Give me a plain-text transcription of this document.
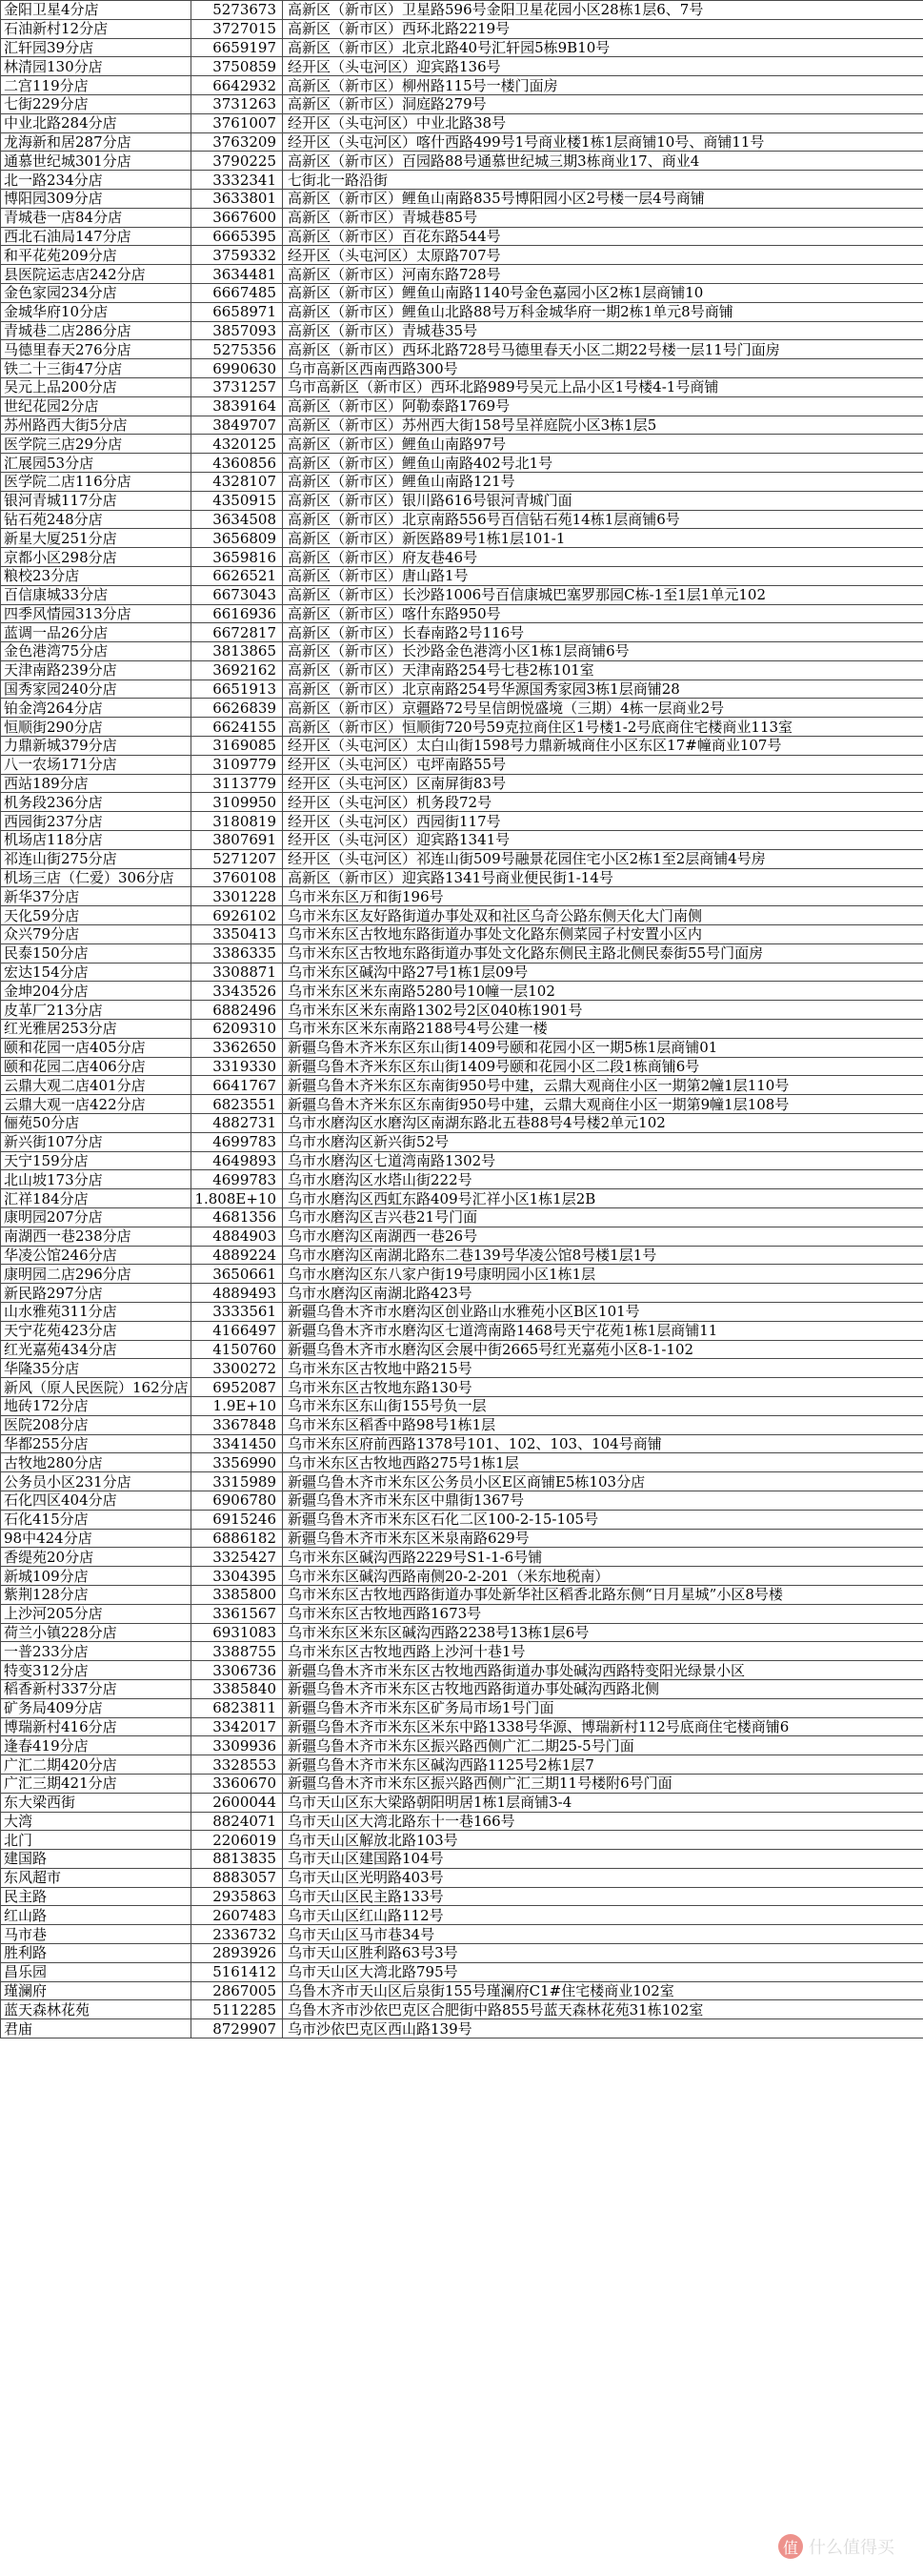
金阳卫星4分店	5273673	高新区（新市区）卫星路596号金阳卫星花园小区28栋1层6、7号
石油新村12分店	3727015	高新区（新市区）西环北路2219号
汇轩园39分店	6659197	高新区（新市区）北京北路40号汇轩园5栋9B10号
林清园130分店	3750859	经开区（头屯河区）迎宾路136号
二宫119分店	6642932	高新区（新市区）柳州路115号一楼门面房
七街229分店	3731263	高新区（新市区）洞庭路279号
中业北路284分店	3761007	经开区（头屯河区）中业北路38号
龙海新和居287分店	3763209	经开区（头屯河区）喀什西路499号1号商业楼1栋1层商铺10号、商铺11号
通慕世纪城301分店	3790225	高新区（新市区）百园路88号通慕世纪城三期3栋商业17、商业4
北一路234分店	3332341	七街北一路沿街
博阳园309分店	3633801	高新区（新市区）鲤鱼山南路835号博阳园小区2号楼一层4号商铺
青城巷一店84分店	3667600	高新区（新市区）青城巷85号
西北石油局147分店	6665395	高新区（新市区）百花东路544号
和平花苑209分店	3759332	经开区（头屯河区）太原路707号
县医院运志店242分店	3634481	高新区（新市区）河南东路728号
金色家园234分店	6667485	高新区（新市区）鲤鱼山南路1140号金色嘉园小区2栋1层商铺10
金城华府10分店	6658971	高新区（新市区）鲤鱼山北路88号万科金城华府一期2栋1单元8号商铺
青城巷二店286分店	3857093	高新区（新市区）青城巷35号
马德里春天276分店	5275356	高新区（新市区）西环北路728号马德里春天小区二期22号楼一层11号门面房
铁二十三街47分店	6990630	乌市高新区西南西路300号
吴元上品200分店	3731257	乌市高新区（新市区）西环北路989号吴元上品小区1号楼4-1号商铺
世纪花园2分店	3839164	高新区（新市区）阿勒泰路1769号
苏州路西大街5分店	3849707	高新区（新市区）苏州西大街158号呈祥庭院小区3栋1层5
医学院三店29分店	4320125	高新区（新市区）鲤鱼山南路97号
汇展园53分店	4360856	高新区（新市区）鲤鱼山南路402号北1号
医学院二店116分店	4328107	高新区（新市区）鲤鱼山南路121号
银河青城117分店	4350915	高新区（新市区）银川路616号银河青城门面
钻石苑248分店	3634508	高新区（新市区）北京南路556号百信钻石苑14栋1层商铺6号
新星大厦251分店	3656809	高新区（新市区）新医路89号1栋1层101-1
京都小区298分店	3659816	高新区（新市区）府友巷46号
粮校23分店	6626521	高新区（新市区）唐山路1号
百信康城33分店	6673043	高新区（新市区）长沙路1006号百信康城巴塞罗那园C栋-1至1层1单元102
四季风情园313分店	6616936	高新区（新市区）喀什东路950号
蓝调一品26分店	6672817	高新区（新市区）长春南路2号116号
金色港湾75分店	3813865	高新区（新市区）长沙路金色港湾小区1栋1层商铺6号
天津南路239分店	3692162	高新区（新市区）天津南路254号七巷2栋101室
国秀家园240分店	6651913	高新区（新市区）北京南路254号华源国秀家园3栋1层商铺28
铂金湾264分店	6626839	高新区（新市区）京疆路72号呈信朗悦盛境（三期）4栋一层商业2号
恒顺街290分店	6624155	高新区（新市区）恒顺街720号59克拉商住区1号楼1-2号底商住宅楼商业113室
力鼎新城379分店	3169085	经开区（头屯河区）太白山街1598号力鼎新城商住小区东区17#幢商业107号
八一农场171分店	3109779	经开区（头屯河区）屯坪南路55号
西站189分店	3113779	经开区（头屯河区）区南屏街83号
机务段236分店	3109950	经开区（头屯河区）机务段72号
西园街237分店	3180819	经开区（头屯河区）西园街117号
机场店118分店	3807691	经开区（头屯河区）迎宾路1341号
祁连山街275分店	5271207	经开区（头屯河区）祁连山街509号融景花园住宅小区2栋1至2层商铺4号房
机场三店（仁爱）306分店	3760108	高新区（新市区）迎宾路1341号商业便民街1-14号
新华37分店	3301228	乌市米东区万和街196号
天化59分店	6926102	乌市米东区友好路街道办事处双和社区乌奇公路东侧天化大门南侧
众兴79分店	3350413	乌市米东区古牧地东路街道办事处文化路东侧菜园子村安置小区内
民泰150分店	3386335	乌市米东区古牧地东路街道办事处文化路东侧民主路北侧民泰街55号门面房
宏达154分店	3308871	乌市米东区碱沟中路27号1栋1层09号
金坤204分店	3343526	乌市米东区米东南路5280号10幢一层102
皮革厂213分店	6882496	乌市米东区米东南路1302号2区040栋1901号
红光雅居253分店	6209310	乌市米东区米东南路2188号4号公建一楼
颐和花园一店405分店	3362650	新疆乌鲁木齐米东区东山街1409号颐和花园小区一期5栋1层商铺01
颐和花园二店406分店	3319330	新疆乌鲁木齐米东区东山街1409号颐和花园小区二段1栋商铺6号
云鼎大观二店401分店	6641767	新疆乌鲁木齐米东区东南街950号中建，云鼎大观商住小区一期第2幢1层110号
云鼎大观一店422分店	6823551	新疆乌鲁木齐米东区东南街950号中建，云鼎大观商住小区一期第9幢1层108号
俪苑50分店	4882731	乌市水磨沟区水磨沟区南湖东路北五巷88号4号楼2单元102
新兴街107分店	4699783	乌市水磨沟区新兴街52号
天宁159分店	4649893	乌市水磨沟区七道湾南路1302号
北山坡173分店	4699783	乌市水磨沟区水塔山街222号
汇祥184分店	1.808E+10	乌市水磨沟区西虹东路409号汇祥小区1栋1层2B
康明园207分店	4681356	乌市水磨沟区吉兴巷21号门面
南湖西一巷238分店	4884903	乌市水磨沟区南湖西一巷26号
华凌公馆246分店	4889224	乌市水磨沟区南湖北路东二巷139号华凌公馆8号楼1层1号
康明园二店296分店	3650661	乌市水磨沟区东八家户街19号康明园小区1栋1层
新民路297分店	4889493	乌市水磨沟区南湖北路423号
山水雅苑311分店	3333561	新疆乌鲁木齐市水磨沟区创业路山水雅苑小区B区101号
天宁花苑423分店	4166497	新疆乌鲁木齐市水磨沟区七道湾南路1468号天宁花苑1栋1层商铺11
红光嘉苑434分店	4150760	新疆乌鲁木齐市水磨沟区会展中街2665号红光嘉苑小区8-1-102
华隆35分店	3300272	乌市米东区古牧地中路215号
新风（原人民医院）162分店	6952087	乌市米东区古牧地东路130号
地砖172分店	1.9E+10	乌市米东区东山街155号负一层
医院208分店	3367848	乌市米东区稻香中路98号1栋1层
华都255分店	3341450	乌市米东区府前西路1378号101、102、103、104号商铺
古牧地280分店	3356990	乌市米东区古牧地西路275号1栋1层
公务员小区231分店	3315989	新疆乌鲁木齐市米东区公务员小区E区商铺E5栋103分店
石化四区404分店	6906780	新疆乌鲁木齐市米东区中鼎街1367号
石化415分店	6915246	新疆乌鲁木齐市米东区石化二区100-2-15-105号
98中424分店	6886182	新疆乌鲁木齐市米东区米泉南路629号
香缇苑20分店	3325427	乌市米东区碱沟西路2229号S1-1-6号铺
新城109分店	3304395	乌市米东区碱沟西路南侧20-2-201（米东地税南）
紫荆128分店	3385800	乌市米东区古牧地西路街道办事处新华社区稻香北路东侧“日月星城”小区8号楼
上沙河205分店	3361567	乌市米东区古牧地西路1673号
荷兰小镇228分店	6931083	乌市米东区米东区碱沟西路2238号13栋1层6号
一普233分店	3388755	乌市米东区古牧地西路上沙河十巷1号
特变312分店	3306736	新疆乌鲁木齐市米东区古牧地西路街道办事处碱沟西路特变阳光绿景小区
稻香新村337分店	3385840	新疆乌鲁木齐市米东区古牧地西路街道办事处碱沟西路北侧
矿务局409分店	6823811	新疆乌鲁木齐市米东区矿务局市场1号门面
博瑞新村416分店	3342017	新疆乌鲁木齐市米东区米东中路1338号华源、博瑞新村112号底商住宅楼商铺6
逢春419分店	3309936	新疆乌鲁木齐市米东区振兴路西侧广汇二期25-5号门面
广汇二期420分店	3328553	新疆乌鲁木齐市米东区碱沟西路1125号2栋1层7
广汇三期421分店	3360670	新疆乌鲁木齐市米东区振兴路西侧广汇三期11号楼附6号门面
东大梁西街	2600044	乌市天山区东大梁路朝阳明居1栋1层商铺3-4
大湾	8824071	乌市天山区大湾北路东十一巷166号
北门	2206019	乌市天山区解放北路103号
建国路	8813835	乌市天山区建国路104号
东风超市	8883057	乌市天山区光明路403号
民主路	2935863	乌市天山区民主路133号
红山路	2607483	乌市天山区红山路112号
马市巷	2336732	乌市天山区马市巷34号
胜利路	2893926	乌市天山区胜利路63号3号
昌乐园	5161412	乌市天山区大湾北路795号
瑾澜府	2867005	乌鲁木齐市天山区后泉街155号瑾澜府C1#住宅楼商业102室
蓝天森林花苑	5112285	乌鲁木齐市沙依巴克区合肥街中路855号蓝天森林花苑31栋102室
君庙	8729907	乌市沙依巴克区西山路139号
值 什么值得买
